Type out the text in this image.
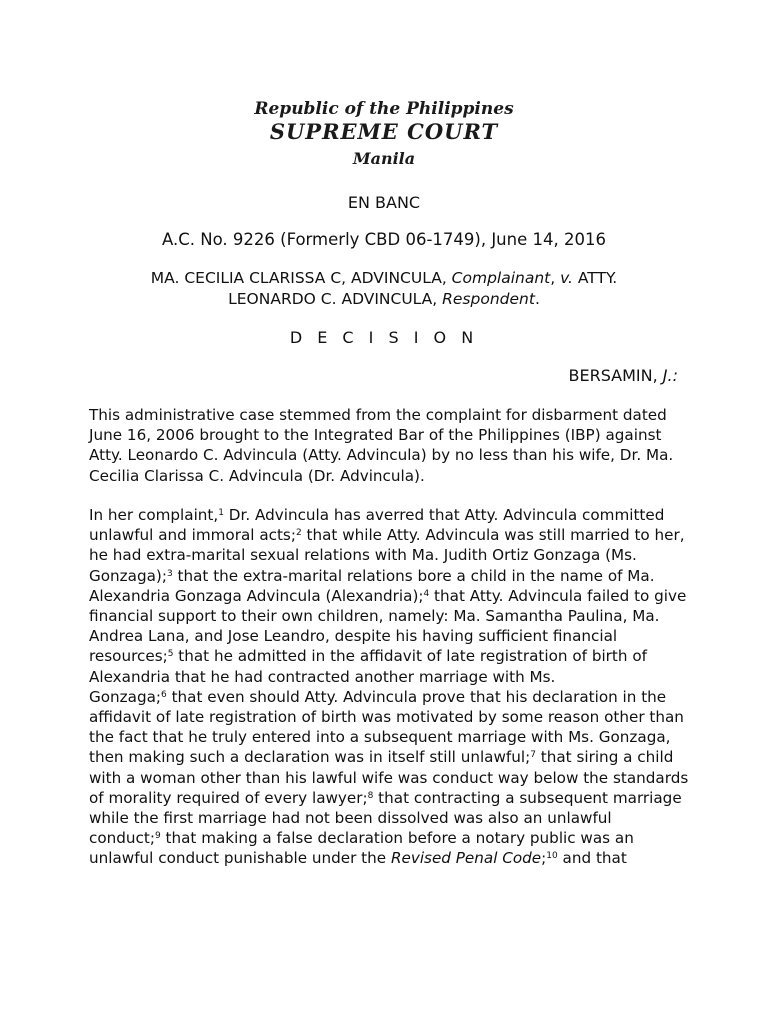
Republic of the Philippines
SUPREME COURT
Manila
EN BANC
A.C. No. 9226 (Formerly CBD 06-1749), June 14, 2016
MA. CECILIA CLARISSA C, ADVINCULA, Complainant, v. ATTY.
LEONARDO C. ADVINCULA, Respondent.
D E C I S I O N
BERSAMIN, J.:

This administrative case stemmed from the complaint for disbarment dated June 16, 2006 brought to the Integrated Bar of the Philippines (IBP) against Atty. Leonardo C. Advincula (Atty. Advincula) by no less than his wife, Dr. Ma. Cecilia Clarissa C. Advincula (Dr. Advincula).

In her complaint,$^1$ Dr. Advincula has averred that Atty. Advincula committed unlawful and immoral acts;$^2$ that while Atty. Advincula was still married to her, he had extra-marital sexual relations with Ma. Judith Ortiz Gonzaga (Ms. Gonzaga);$^3$ that the extra-marital relations bore a child in the name of Ma. Alexandria Gonzaga Advincula (Alexandria);$^4$ that Atty. Advincula failed to give financial support to their own children, namely: Ma. Samantha Paulina, Ma. Andrea Lana, and Jose Leandro, despite his having sufficient financial
resources;$^5$ that he admitted in the affidavit of late registration of birth of Alexandria that he had contracted another marriage with Ms.
Gonzaga;$^6$ that even should Atty. Advincula prove that his declaration in the affidavit of late registration of birth was motivated by some reason other than the fact that he truly entered into a subsequent marriage with Ms. Gonzaga, then making such a declaration was in itself still unlawful;$^7$ that siring a child with a woman other than his lawful wife was conduct way below the standards of morality required of every lawyer;$^8$ that contracting a subsequent marriage while the first marriage had not been dissolved was also an unlawful
conduct;$^9$ that making a false declaration before a notary public was an unlawful conduct punishable under the Revised Penal Code;$^{10}$ and that
